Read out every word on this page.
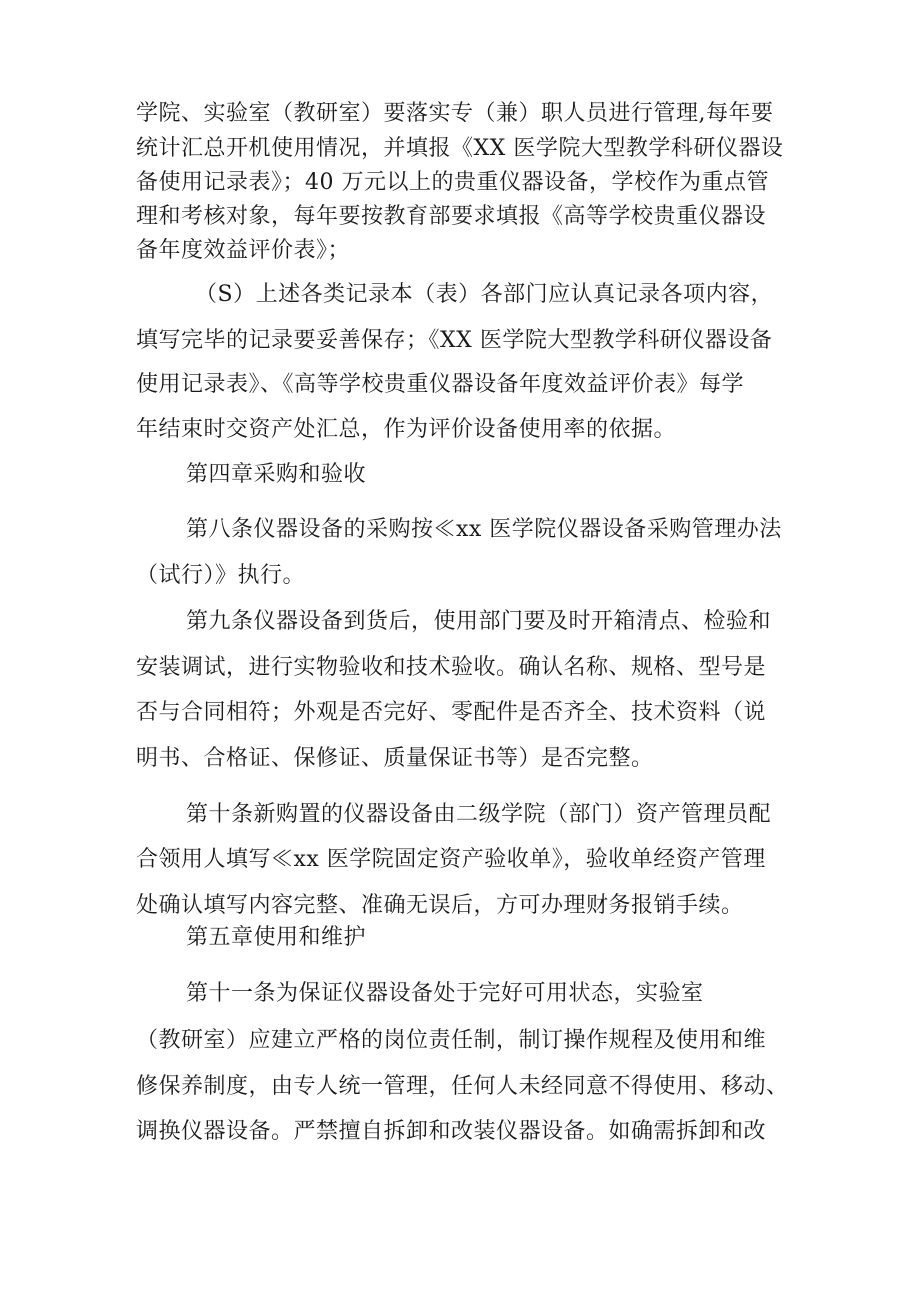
学院、实验室（教研室）要落实专（兼）职人员进行管理,每年要
统计汇总开机使用情况，并填报《XX 医学院大型教学科研仪器设
备使用记录表》；40 万元以上的贵重仪器设备，学校作为重点管
理和考核对象，每年要按教育部要求填报《高等学校贵重仪器设
备年度效益评价表》；
（S）上述各类记录本（表）各部门应认真记录各项内容，
填写完毕的记录要妥善保存；《XX 医学院大型教学科研仪器设备
使用记录表》、《高等学校贵重仪器设备年度效益评价表》每学
年结束时交资产处汇总，作为评价设备使用率的依据。
第四章采购和验收
第八条仪器设备的采购按≪xx 医学院仪器设备采购管理办法
（试行）》执行。
第九条仪器设备到货后，使用部门要及时开箱清点、检验和
安装调试，进行实物验收和技术验收。确认名称、规格、型号是
否与合同相符；外观是否完好、零配件是否齐全、技术资料（说
明书、合格证、保修证、质量保证书等）是否完整。
第十条新购置的仪器设备由二级学院（部门）资产管理员配
合领用人填写≪xx 医学院固定资产验收单》，验收单经资产管理
处确认填写内容完整、准确无误后，方可办理财务报销手续。
第五章使用和维护
第十一条为保证仪器设备处于完好可用状态，实验室
（教研室）应建立严格的岗位责任制，制订操作规程及使用和维
修保养制度，由专人统一管理，任何人未经同意不得使用、移动、
调换仪器设备。严禁擅自拆卸和改装仪器设备。如确需拆卸和改
